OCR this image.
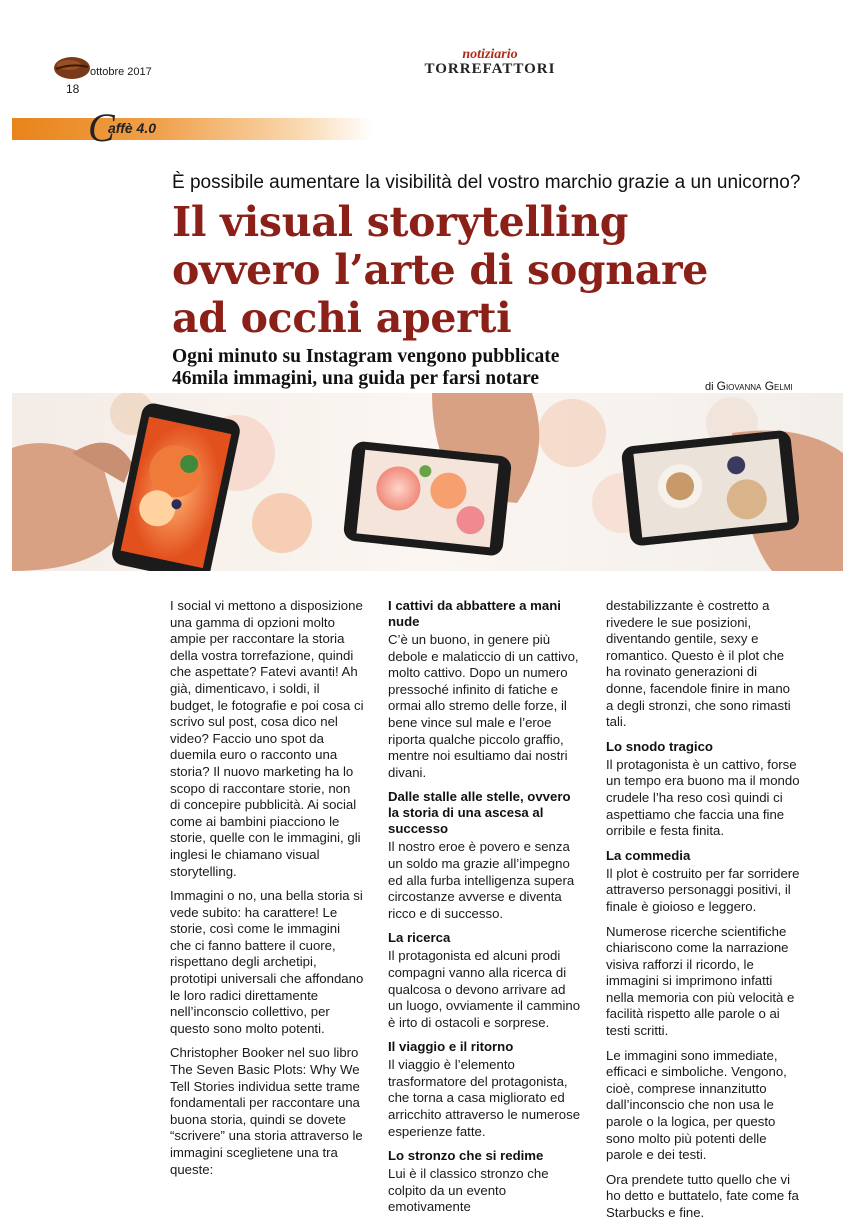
ottobre 2017
18
notiziario
TORREFATTORI
C
affè 4.0
È possibile aumentare la visibilità del vostro marchio grazie a un unicorno?
Il visual storytelling
ovvero l’arte di sognare
ad occhi aperti
Ogni minuto su Instagram vengono pubblicate
46mila immagini, una guida per farsi notare	di Giovanna Gelmi

I social vi mettono a disposizione una gamma di opzioni molto ampie per raccontare la storia della vostra torrefazione, quindi che aspettate? Fatevi avanti! Ah già, dimenticavo, i soldi, il budget, le fotografie e poi cosa ci scrivo sul post, cosa dico nel video? Faccio uno spot da duemila euro o racconto una storia? Il nuovo marketing ha lo scopo di raccontare storie, non di concepire pubblicità. Ai social come ai bambini piacciono le storie, quelle con le immagini, gli inglesi le chiamano visual storytelling.

Immagini o no, una bella storia si vede subito: ha carattere! Le storie, così come le immagini che ci fanno battere il cuore, rispettano degli archetipi, prototipi universali che affondano le loro radici direttamente nell’inconscio collettivo, per questo sono molto potenti.

Christopher Booker nel suo libro The Seven Basic Plots: Why We Tell Stories individua sette trame fondamentali per raccontare una buona storia, quindi se dovete “scrivere” una storia attraverso le immagini sceglietene una tra queste:

I cattivi da abbattere a mani nude

C’è un buono, in genere più debole e malaticcio di un cattivo, molto cattivo. Dopo un numero pressoché infinito di fatiche e ormai allo stremo delle forze, il bene vince sul male e l’eroe riporta qualche piccolo graffio, mentre noi esultiamo dai nostri divani.

Dalle stalle alle stelle, ovvero la storia di una ascesa al successo

Il nostro eroe è povero e senza un soldo ma grazie all’impegno ed alla furba intelligenza supera circostanze avverse e diventa ricco e di successo.

La ricerca

Il protagonista ed alcuni prodi compagni vanno alla ricerca di qualcosa o devono arrivare ad un luogo, ovviamente il cammino è irto di ostacoli e sorprese.

Il viaggio e il ritorno

Il viaggio è l’elemento trasformatore del protagonista, che torna a casa migliorato ed arricchito attraverso le numerose esperienze fatte.

Lo stronzo che si redime

Lui è il classico stronzo che colpito da un evento emotivamente

destabilizzante è costretto a rivedere le sue posizioni, diventando gentile, sexy e romantico. Questo è il plot che ha rovinato generazioni di donne, facendole finire in mano a degli stronzi, che sono rimasti tali.

Lo snodo tragico

Il protagonista è un cattivo, forse un tempo era buono ma il mondo crudele l’ha reso così quindi ci aspettiamo che faccia una fine orribile e festa finita.

La commedia

Il plot è costruito per far sorridere attraverso personaggi positivi, il finale è gioioso e leggero.

Numerose ricerche scientifiche chiariscono come la narrazione visiva rafforzi il ricordo, le immagini si imprimono infatti nella memoria con più velocità e facilità rispetto alle parole o ai testi scritti.

Le immagini sono immediate, efficaci e simboliche. Vengono, cioè, comprese innanzitutto dall’inconscio che non usa le parole o la logica, per questo sono molto più potenti delle parole e dei testi.

Ora prendete tutto quello che vi ho detto e buttatelo, fate come fa Starbucks e fine.
